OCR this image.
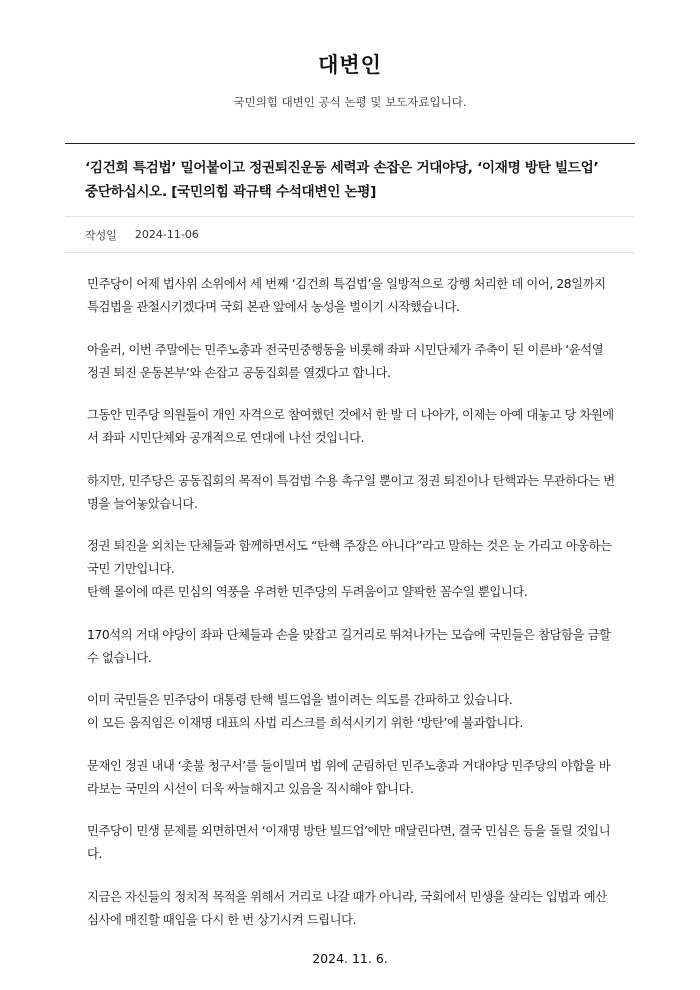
대변인
국민의힘 대변인 공식 논평 및 보도자료입니다.
‘김건희 특검법’ 밀어붙이고 정권퇴진운동 세력과 손잡은 거대야당, ‘이재명 방탄 빌드업’ 중단하십시오. [국민의힘 곽규택 수석대변인 논평]
작성일 2024-11-06

민주당이 어제 법사위 소위에서 세 번째 ‘김건희 특검법’을 일방적으로 강행 처리한 데 이어, 28일까지 특검법을 관철시키겠다며 국회 본관 앞에서 농성을 벌이기 시작했습니다.

아울러, 이번 주말에는 민주노총과 전국민중행동을 비롯해 좌파 시민단체가 주축이 된 이른바 ‘윤석열 정권 퇴진 운동본부’와 손잡고 공동집회를 열겠다고 합니다.

그동안 민주당 의원들이 개인 자격으로 참여했던 것에서 한 발 더 나아가, 이제는 아예 대놓고 당 차원에서 좌파 시민단체와 공개적으로 연대에 나선 것입니다.

하지만, 민주당은 공동집회의 목적이 특검법 수용 촉구일 뿐이고 정권 퇴진이나 탄핵과는 무관하다는 변명을 늘어놓았습니다.

정권 퇴진을 외치는 단체들과 함께하면서도 “탄핵 주장은 아니다”라고 말하는 것은 눈 가리고 아웅하는 국민 기만입니다.
탄핵 몰이에 따른 민심의 역풍을 우려한 민주당의 두려움이고 얄팍한 꼼수일 뿐입니다.

170석의 거대 야당이 좌파 단체들과 손을 맞잡고 길거리로 뛰쳐나가는 모습에 국민들은 참담함을 금할 수 없습니다.

이미 국민들은 민주당이 대통령 탄핵 빌드업을 벌이려는 의도를 간파하고 있습니다.
이 모든 움직임은 이재명 대표의 사법 리스크를 희석시키기 위한 ‘방탄’에 불과합니다.

문재인 정권 내내 ‘촛불 청구서’를 들이밀며 법 위에 군림하던 민주노총과 거대야당 민주당의 야합을 바라보는 국민의 시선이 더욱 싸늘해지고 있음을 직시해야 합니다.

민주당이 민생 문제를 외면하면서 ‘이재명 방탄 빌드업’에만 매달린다면, 결국 민심은 등을 돌릴 것입니다.

지금은 자신들의 정치적 목적을 위해서 거리로 나갈 때가 아니라, 국회에서 민생을 살리는 입법과 예산 심사에 매진할 때임을 다시 한 번 상기시켜 드립니다.

2024. 11. 6.
